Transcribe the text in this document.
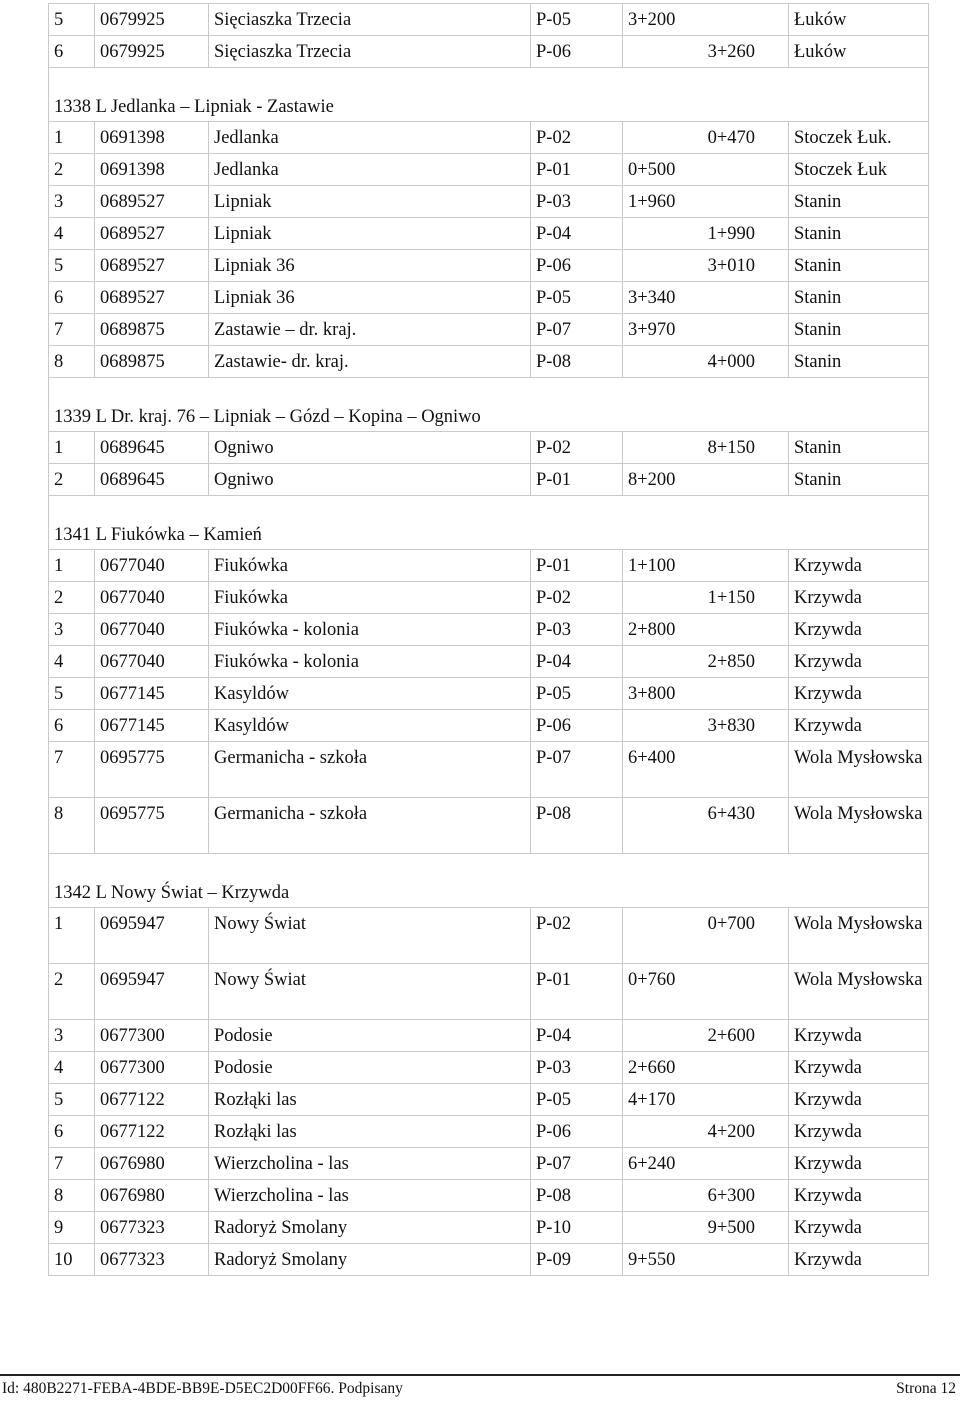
5	0679925	Sięciaszka Trzecia	P-05	3+200		Łuków
6	0679925	Sięciaszka Trzecia	P-06		3+260	Łuków
1338 L Jedlanka – Lipniak - Zastawie						
1	0691398	Jedlanka	P-02		0+470	Stoczek Łuk.
2	0691398	Jedlanka	P-01	0+500		Stoczek Łuk
3	0689527	Lipniak	P-03	1+960		Stanin
4	0689527	Lipniak	P-04		1+990	Stanin
5	0689527	Lipniak 36	P-06		3+010	Stanin
6	0689527	Lipniak 36	P-05	3+340		Stanin
7	0689875	Zastawie – dr. kraj.	P-07	3+970		Stanin
8	0689875	Zastawie- dr. kraj.	P-08		4+000	Stanin
1339 L Dr. kraj. 76 – Lipniak – Gózd – Kopina – Ogniwo						
1	0689645	Ogniwo	P-02		8+150	Stanin
2	0689645	Ogniwo	P-01	8+200		Stanin
1341 L Fiukówka – Kamień						
1	0677040	Fiukówka	P-01	1+100		Krzywda
2	0677040	Fiukówka	P-02		1+150	Krzywda
3	0677040	Fiukówka - kolonia	P-03	2+800		Krzywda
4	0677040	Fiukówka - kolonia	P-04		2+850	Krzywda
5	0677145	Kasyldów	P-05	3+800		Krzywda
6	0677145	Kasyldów	P-06		3+830	Krzywda
7	0695775	Germanicha - szkoła	P-07	6+400		Wola Mysłowska
8	0695775	Germanicha - szkoła	P-08		6+430	Wola Mysłowska
1342 L Nowy Świat – Krzywda						
1	0695947	Nowy Świat	P-02		0+700	Wola Mysłowska
2	0695947	Nowy Świat	P-01	0+760		Wola Mysłowska
3	0677300	Podosie	P-04		2+600	Krzywda
4	0677300	Podosie	P-03	2+660		Krzywda
5	0677122	Rozłąki las	P-05	4+170		Krzywda
6	0677122	Rozłąki las	P-06		4+200	Krzywda
7	0676980	Wierzcholina - las	P-07	6+240		Krzywda
8	0676980	Wierzcholina - las	P-08		6+300	Krzywda
9	0677323	Radoryż Smolany	P-10		9+500	Krzywda
10	0677323	Radoryż Smolany	P-09	9+550		Krzywda
Id: 480B2271-FEBA-4BDE-BB9E-D5EC2D00FF66. Podpisany	Strona 12
